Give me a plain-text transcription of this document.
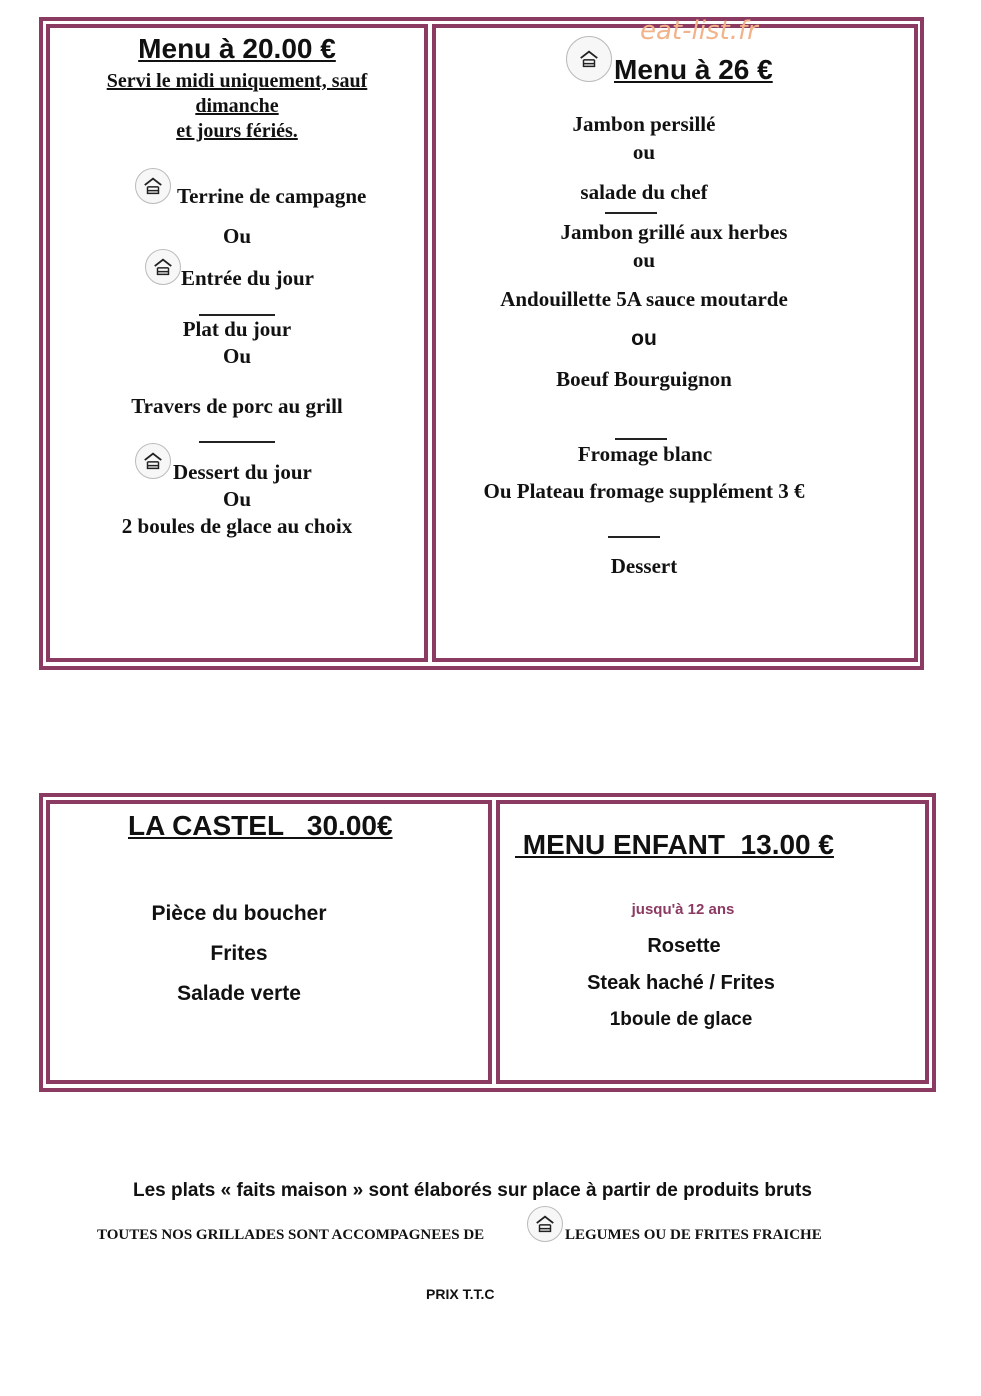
Menu à 20.00 €
Servi le midi uniquement, sauf
dimanche
et jours fériés.
Terrine de campagne
Ou
Entrée du jour
Plat du jour
Ou
Travers de porc au grill
Dessert du jour
Ou
2 boules de glace au choix
eat-list.fr
Menu à 26 €
Jambon persillé
ou
salade du chef
Jambon grillé aux herbes
ou
Andouillette 5A sauce moutarde
ou
Boeuf Bourguignon
Fromage blanc
Ou Plateau fromage supplément 3 €
Dessert
LA CASTEL   30.00€
Pièce du boucher
Frites
Salade verte
MENU ENFANT  13.00 €
jusqu'à 12 ans
Rosette
Steak haché / Frites
1boule de glace
Les plats « faits maison » sont élaborés sur place à partir de produits bruts
TOUTES NOS GRILLADES SONT ACCOMPAGNEES DE	LEGUMES OU DE FRITES FRAICHE
PRIX T.T.C
